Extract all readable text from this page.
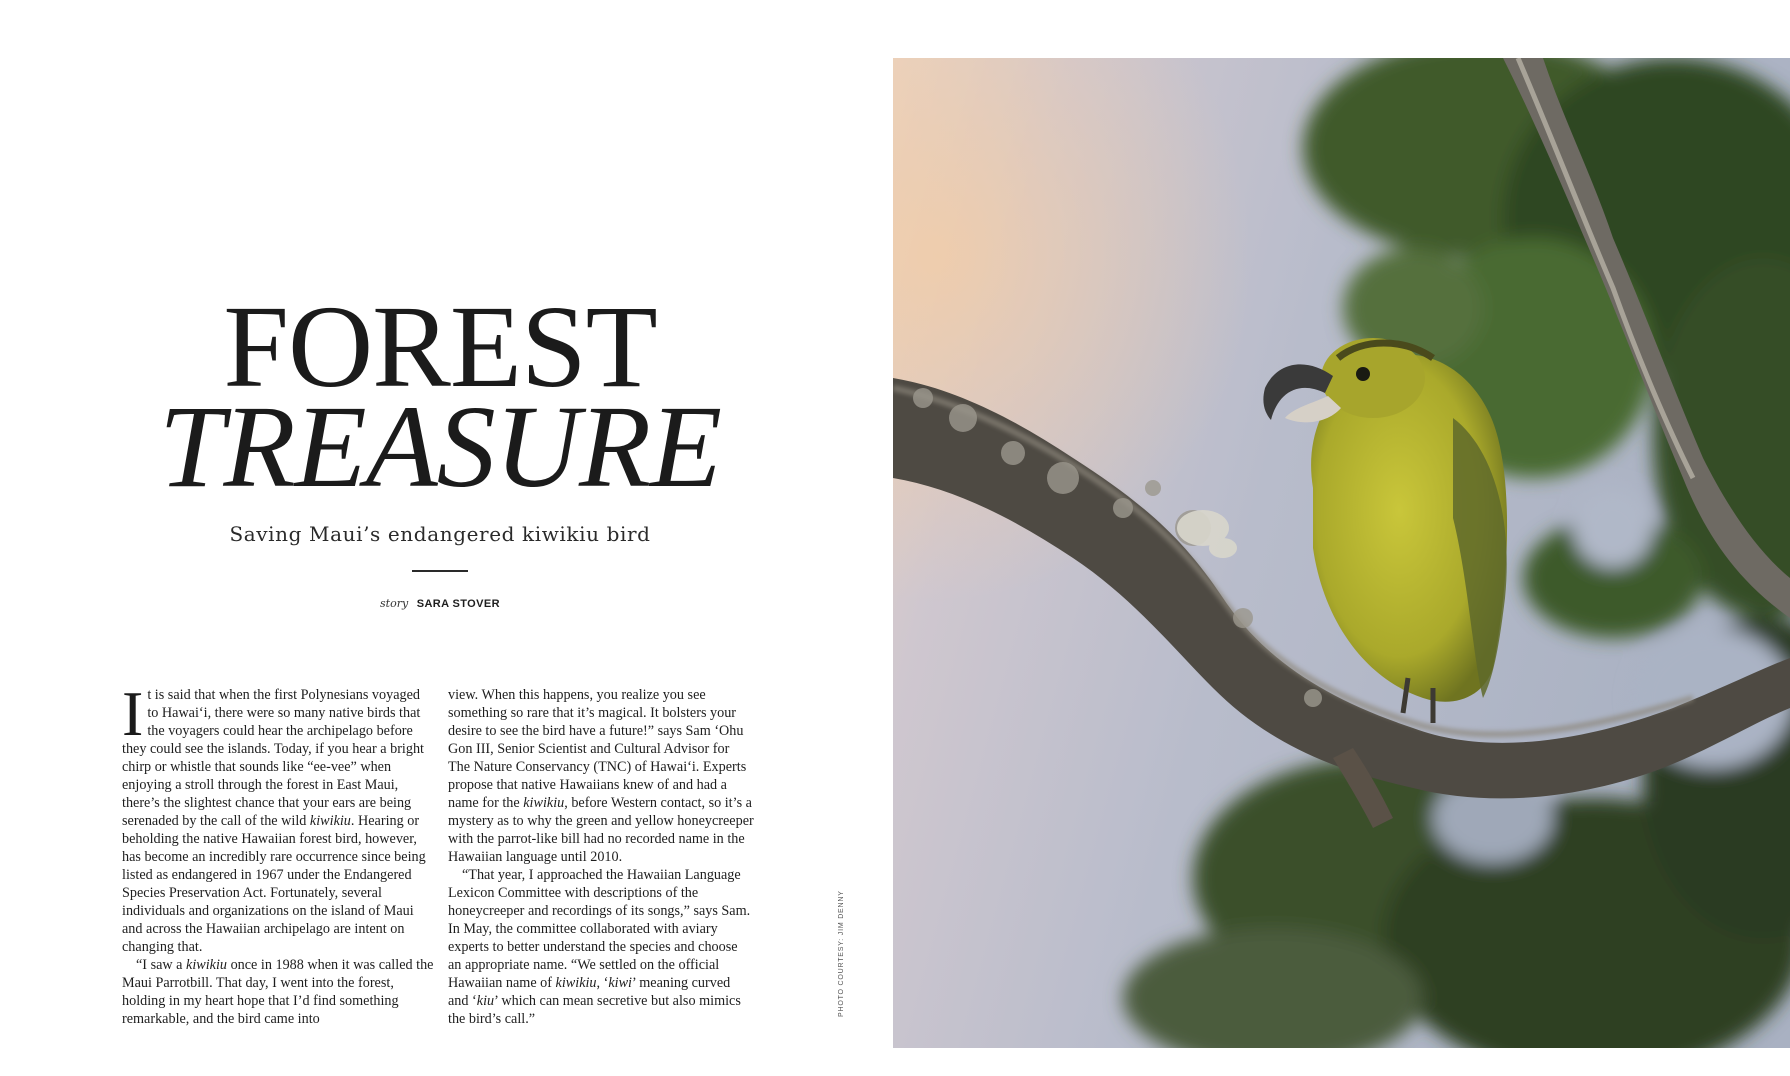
FOREST
TREASURE
Saving Maui’s endangered kiwikiu bird
story SARA STOVER

It is said that when the first Polynesians voyaged to Hawai‘i, there were so many native birds that the voyagers could hear the archipelago before they could see the islands. Today, if you hear a bright chirp or whistle that sounds like “ee-vee” when enjoying a stroll through the forest in East Maui, there’s the slightest chance that your ears are being serenaded by the call of the wild kiwikiu. Hearing or beholding the native Hawaiian forest bird, however, has become an incredibly rare occurrence since being listed as endangered in 1967 under the Endangered Species Preservation Act. Fortunately, several individuals and organizations on the island of Maui and across the Hawaiian archipelago are intent on changing that.

“I saw a kiwikiu once in 1988 when it was called the Maui Parrotbill. That day, I went into the forest, holding in my heart hope that I’d find something remarkable, and the bird came into

view. When this happens, you realize you see something so rare that it’s magical. It bolsters your desire to see the bird have a future!” says Sam ‘Ohu Gon III, Senior Scientist and Cultural Advisor for The Nature Conservancy (TNC) of Hawai‘i. Experts propose that native Hawaiians knew of and had a name for the kiwikiu, before Western contact, so it’s a mystery as to why the green and yellow honeycreeper with the parrot-like bill had no recorded name in the Hawaiian language until 2010.

“That year, I approached the Hawaiian Language Lexicon Committee with descriptions of the honeycreeper and recordings of its songs,” says Sam. In May, the committee collaborated with aviary experts to better understand the species and choose an appropriate name. “We settled on the official Hawaiian name of kiwikiu, ‘kiwi’ meaning curved and ‘kiu’ which can mean secretive but also mimics the bird’s call.”

PHOTO COURTESY: JIM DENNY
